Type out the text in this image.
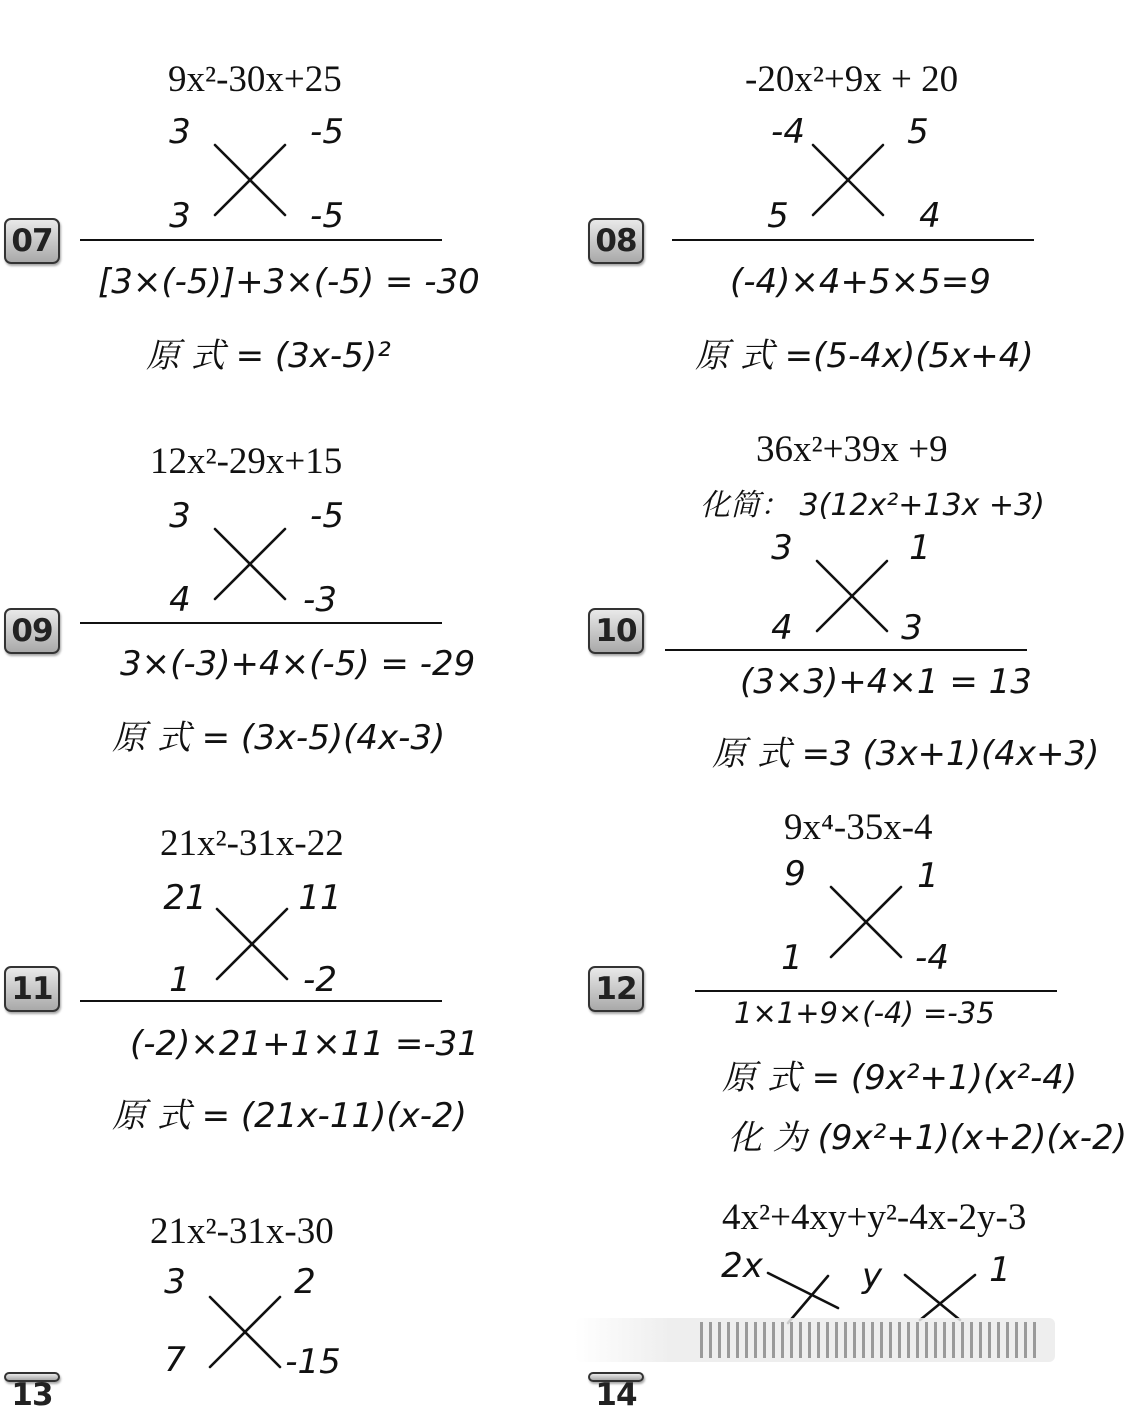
9x²-30x+25
3	-5
3	-5
07
[3×(-5)]+3×(-5) = -30
原 式 = (3x-5)²
-20x²+9x + 20
-4	5
5	4
08
(-4)×4+5×5=9
原 式 =(5-4x)(5x+4)
12x²-29x+15
3	-5
4	-3
09
3×(-3)+4×(-5) = -29
原 式 = (3x-5)(4x-3)
36x²+39x +9
化简： 3(12x²+13x +3)
3	1
4	3
10
(3×3)+4×1 = 13
原 式 =3 (3x+1)(4x+3)
21x²-31x-22
21	11
1	-2
11
(-2)×21+1×11 =-31
原 式 = (21x-11)(x-2)
9x⁴-35x-4
9	1
1	-4
12
1×1+9×(-4) =-35
原 式 = (9x²+1)(x²-4)
化 为 (9x²+1)(x+2)(x-2)
21x²-31x-30
3	2
7	-15
13
4x²+4xy+y²-4x-2y-3
2x	y	1
14
